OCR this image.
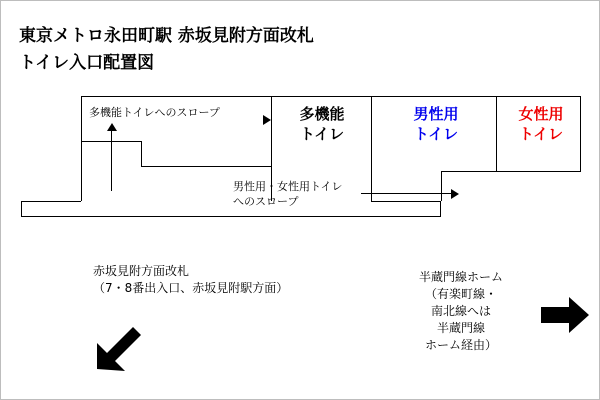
東京メトロ永田町駅 赤坂見附方面改札
トイレ入口配置図
多機能トイレへのスロープ	多機能
トイレ
男性用
トイレ
女性用
トイレ
男性用・女性用トイレ
へのスロープ
赤坂見附方面改札
（7・8番出入口、赤坂見附駅方面）
半蔵門線ホーム
（有楽町線・
南北線へは
半蔵門線
ホーム経由）
